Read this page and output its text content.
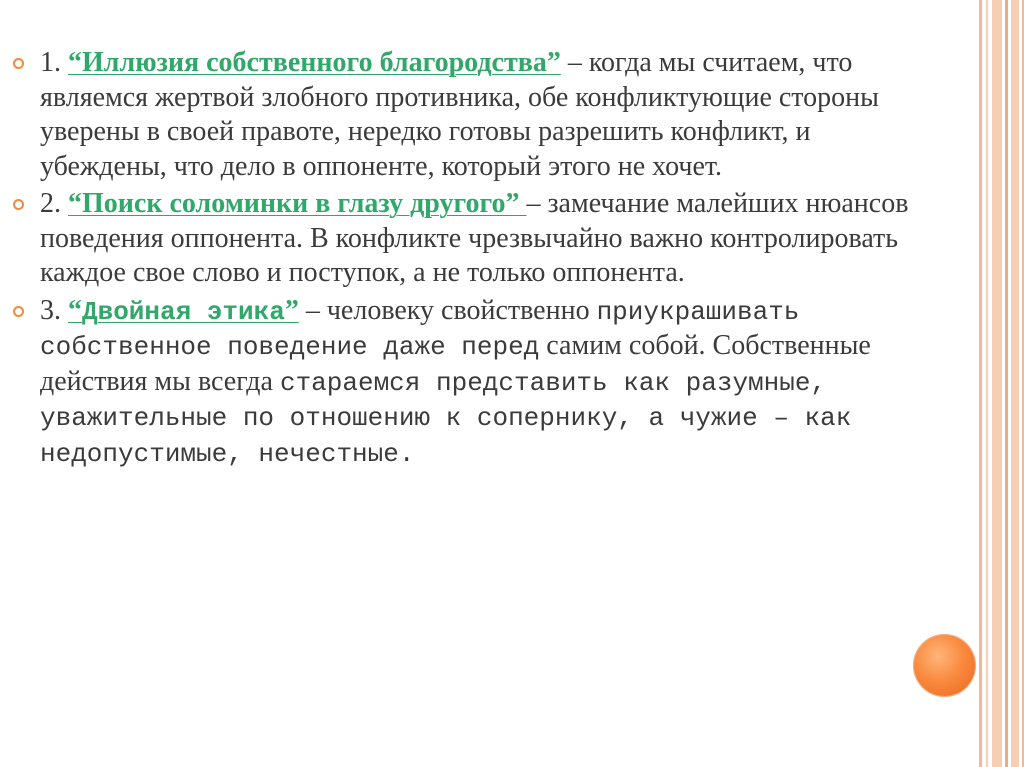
1. “Иллюзия собственного благородства” – когда мы считаем, что являемся жертвой злобного противника, обе конфликтующие стороны уверены в своей правоте, нередко готовы разрешить конфликт, и убеждены, что дело в оппоненте, который этого не хочет.

2. “Поиск соломинки в глазу другого” – замечание малейших нюансов поведения оппонента. В конфликте чрезвычайно важно контролировать каждое свое слово и поступок, а не только оппонента.

3. “Двойная этика” – человеку свойственно приукрашивать собственное поведение даже перед самим собой. Собственные действия мы всегда стараемся представить как разумные, уважительные по отношению к сопернику, а чужие – как недопустимые, нечестные.
